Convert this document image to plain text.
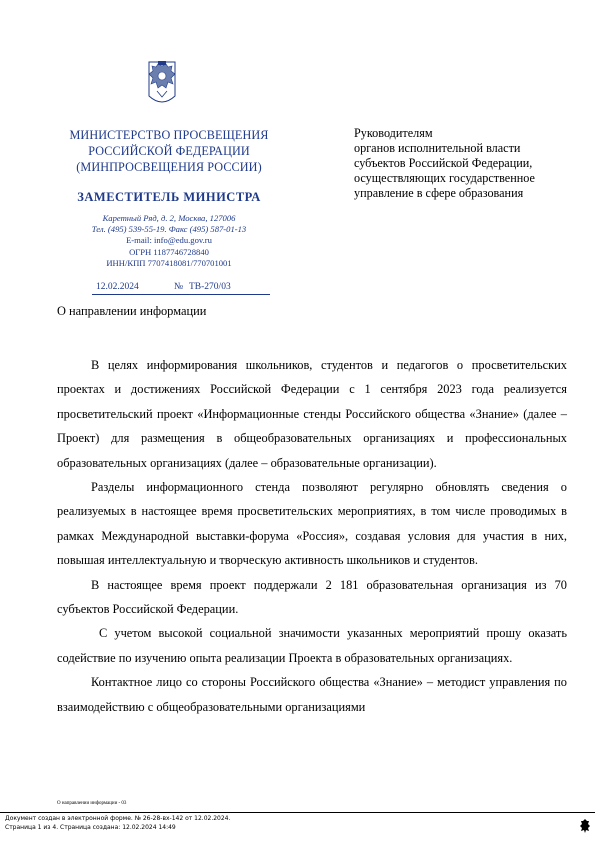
МИНИСТЕРСТВО ПРОСВЕЩЕНИЯ
РОССИЙСКОЙ ФЕДЕРАЦИИ
(МИНПРОСВЕЩЕНИЯ РОССИИ)
ЗАМЕСТИТЕЛЬ МИНИСТРА
Каретный Ряд, д. 2, Москва, 127006
Тел. (495) 539-55-19. Факс (495) 587-01-13
E-mail: info@edu.gov.ru
ОГРН 1187746728840
ИНН/КПП 7707418081/770701001
12.02.2024	№ ТВ-270/03
Руководителям
органов исполнительной власти
субъектов Российской Федерации,
осуществляющих государственное
управление в сфере образования
О направлении информации

В целях информирования школьников, студентов и педагогов о просветительских проектах и достижениях Российской Федерации с 1 сентября 2023 года реализуется просветительский проект «Информационные стенды Российского общества «Знание» (далее – Проект) для размещения в общеобразовательных организациях и профессиональных образовательных организациях (далее – образовательные организации).

Разделы информационного стенда позволяют регулярно обновлять сведения о реализуемых в настоящее время просветительских мероприятиях, в том числе проводимых в рамках Международной выставки-форума «Россия», создавая условия для участия в них, повышая интеллектуальную и творческую активность школьников и студентов.

В настоящее время проект поддержали 2 181 образовательная организация из 70 субъектов Российской Федерации.

С учетом высокой социальной значимости указанных мероприятий прошу оказать содействие по изучению опыта реализации Проекта в образовательных организациях.

Контактное лицо со стороны Российского общества «Знание» – методист управления по взаимодействию с общеобразовательными организациями

О направлении информации - 03
Документ создан в электронной форме. № 26-28-вх-142 от 12.02.2024.
Страница 1 из 4. Страница создана: 12.02.2024 14:49
